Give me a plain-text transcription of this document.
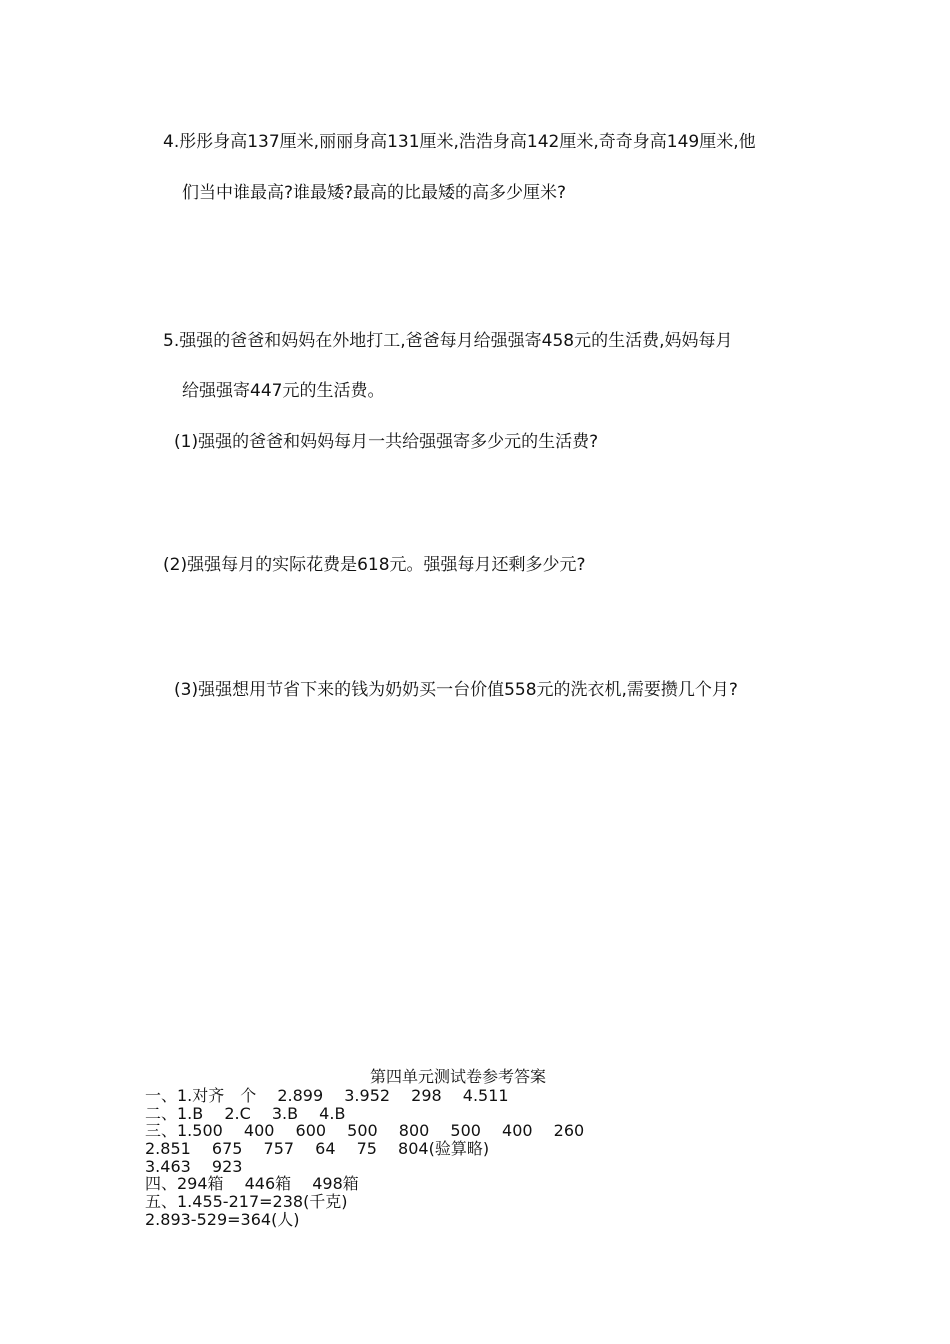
4.彤彤身高137厘米,丽丽身高131厘米,浩浩身高142厘米,奇奇身高149厘米,他
们当中谁最高?谁最矮?最高的比最矮的高多少厘米?
5.强强的爸爸和妈妈在外地打工,爸爸每月给强强寄458元的生活费,妈妈每月
给强强寄447元的生活费。
(1)强强的爸爸和妈妈每月一共给强强寄多少元的生活费?
(2)强强每月的实际花费是618元。强强每月还剩多少元?
(3)强强想用节省下来的钱为奶奶买一台价值558元的洗衣机,需要攒几个月?
第四单元测试卷参考答案
一、1.对齐　个　 2.899　 3.952　 298　 4.511
二、1.B　 2.C　 3.B　 4.B
三、1.500　 400　 600　 500　 800　 500　 400　 260
2.851　 675　 757　 64　 75　 804(验算略)
3.463　 923
四、294箱　 446箱　 498箱
五、1.455-217=238(千克)
2.893-529=364(人)
